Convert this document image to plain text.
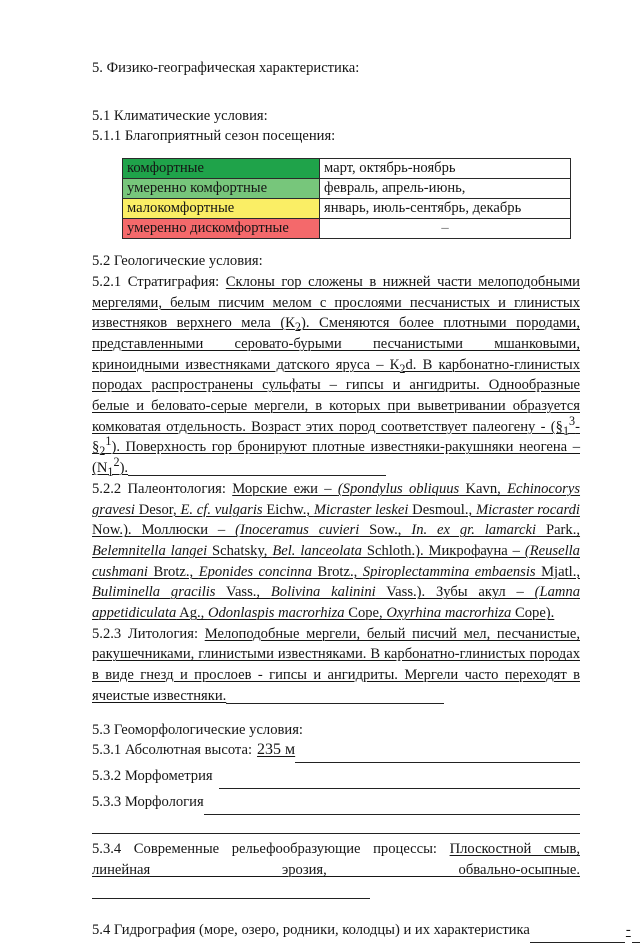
5. Физико-географическая характеристика:

5.1 Климатические условия:

5.1.1 Благоприятный сезон посещения:

комфортные	март, октябрь-ноябрь
умеренно комфортные	февраль, апрель-июнь,
малокомфортные	январь, июль-сентябрь, декабрь
умеренно дискомфортные	–

5.2 Геологические условия:

5.2.1 Стратиграфия: Склоны гор сложены в нижней части мелоподобными мергелями, белым писчим мелом с прослоями песчанистых и глинистых известняков верхнего мела $(К_2)$. Сменяются более плотными породами, представленными серовато-бурыми песчанистыми мшанковыми, криноидными известняками датского яруса – $К_2d$. В карбонатно-глинистых породах распространены сульфаты – гипсы и ангидриты. Однообразные белые и беловато-серые мергели, в которых при выветривании образуется комковатая отдельность. Возраст этих пород соответствует палеогену - $(\S_1^3-\S_2^1)$. Поверхность гор бронируют плотные известняки-ракушняки неогена – $(N_1^2)$.

5.2.2 Палеонтология: Морские ежи – (Spondylus obliquus Kavn, Echinocorys gravesi Desor, E. cf. vulgaris Eichw., Micraster leskei Desmoul., Micraster rocardi Now.). Моллюски – (Inoceramus cuvieri Sow., In. ex gr. lamarcki Park., Belemnitella langei Schatsky, Bel. lanceolata Schloth.). Микрофауна – (Reusella cushmani Brotz., Eponides concinna Brotz., Spiroplectammina embaensis Mjatl., Buliminella gracilis Vass., Bolivina kalinini Vass.). Зубы акул – (Lamna appetidiculata Ag., Odonlaspis macrorhiza Cope, Oxyrhina macrorhiza Cope).

5.2.3 Литология: Мелоподобные мергели, белый писчий мел, песчанистые, ракушечниками, глинистыми известняками. В карбонатно-глинистых породах в виде гнезд и прослоев - гипсы и ангидриты. Мергели часто переходят в ячеистые известняки.

5.3 Геоморфологические условия:

5.3.1 Абсолютная высота: 235 м
5.3.2 Морфометрия
5.3.3 Морфология

5.3.4 Современные рельефообразующие процессы: Плоскостной смыв, линейная эрозия, обвально-осыпные.

5.4 Гидрография (море, озеро, родники, колодцы) и их характеристика	-
